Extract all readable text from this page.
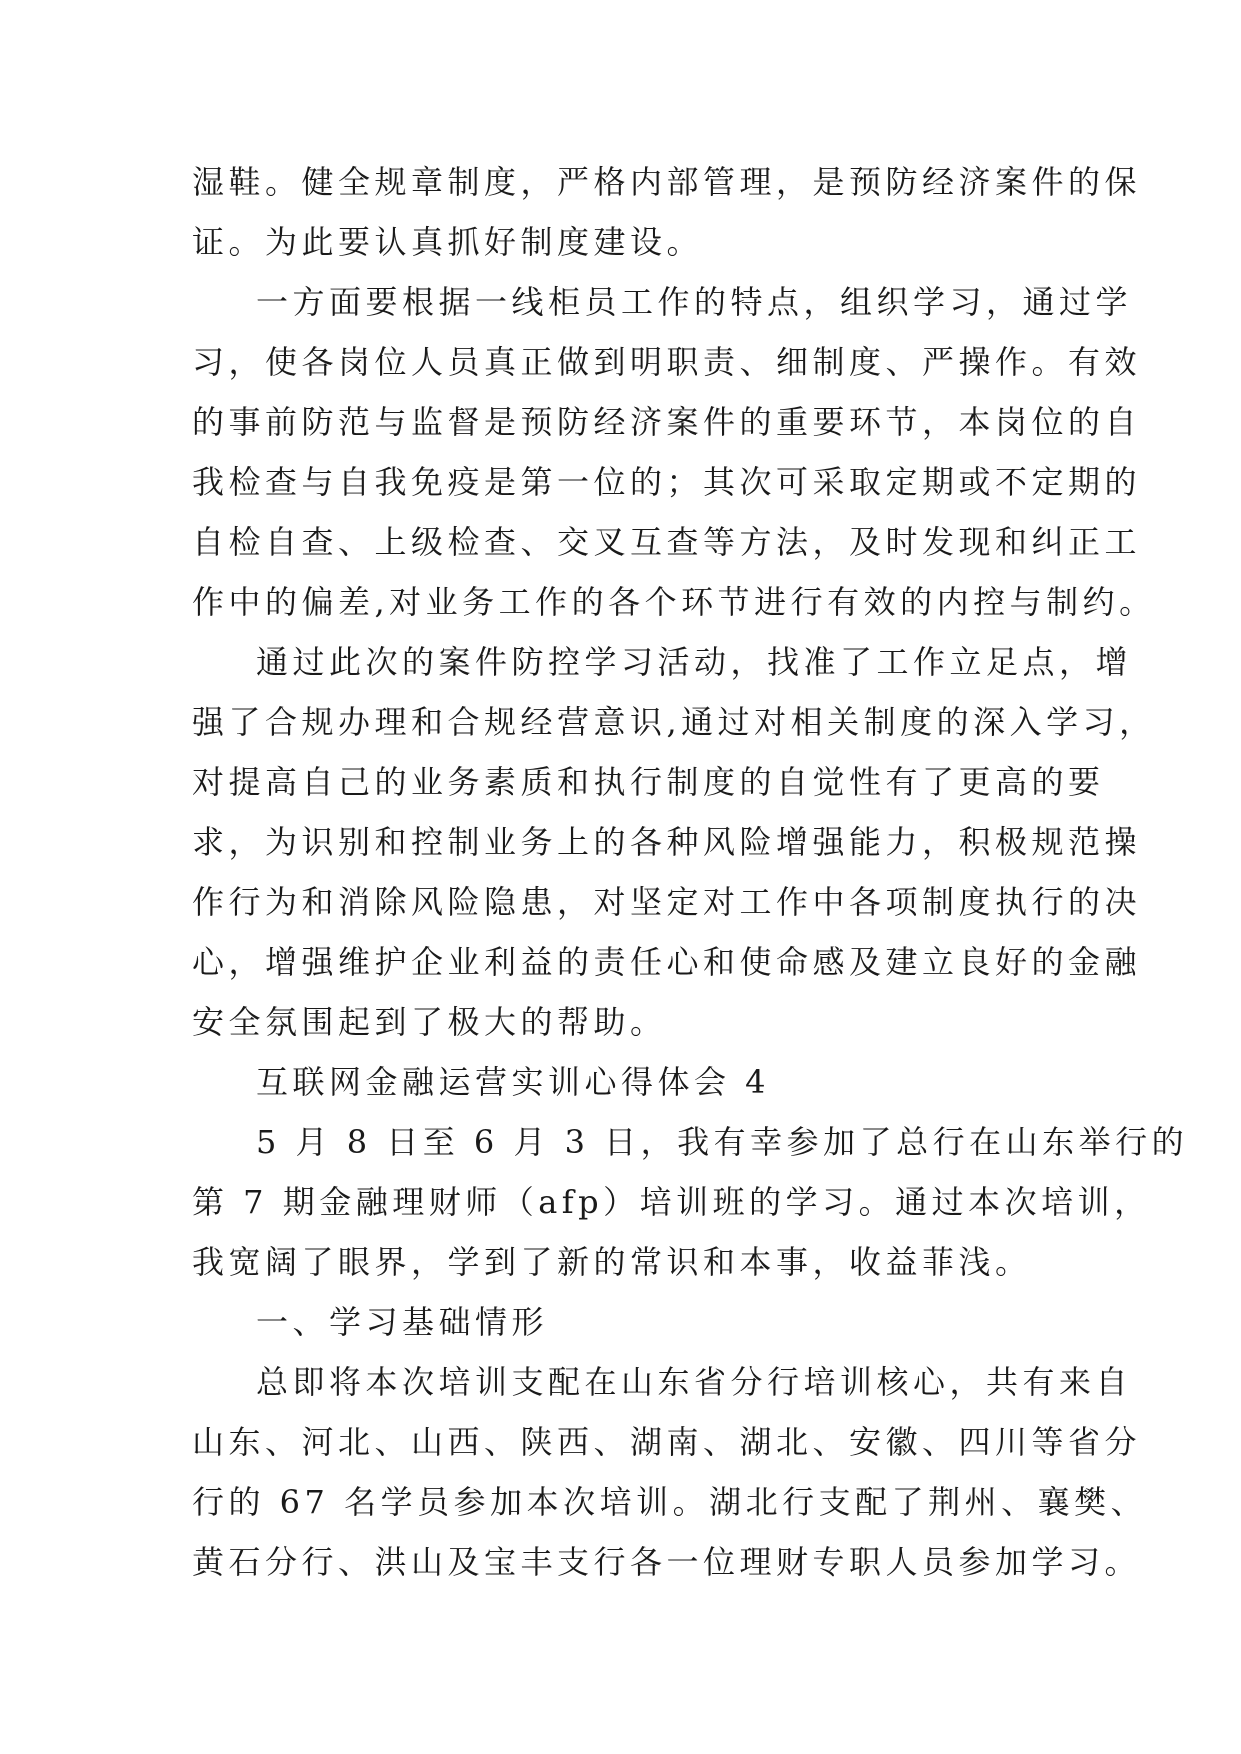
湿鞋。健全规章制度，严格内部管理，是预防经济案件的保
证。为此要认真抓好制度建设。
一方面要根据一线柜员工作的特点，组织学习，通过学
习，使各岗位人员真正做到明职责、细制度、严操作。有效
的事前防范与监督是预防经济案件的重要环节，本岗位的自
我检查与自我免疫是第一位的；其次可采取定期或不定期的
自检自查、上级检查、交叉互查等方法，及时发现和纠正工
作中的偏差,对业务工作的各个环节进行有效的内控与制约。
通过此次的案件防控学习活动，找准了工作立足点，增
强了合规办理和合规经营意识,通过对相关制度的深入学习，
对提高自己的业务素质和执行制度的自觉性有了更高的要
求，为识别和控制业务上的各种风险增强能力，积极规范操
作行为和消除风险隐患，对坚定对工作中各项制度执行的决
心，增强维护企业利益的责任心和使命感及建立良好的金融
安全氛围起到了极大的帮助。
互联网金融运营实训心得体会 4
5 月 8 日至 6 月 3 日，我有幸参加了总行在山东举行的
第 7 期金融理财师（afp）培训班的学习。通过本次培训，
我宽阔了眼界，学到了新的常识和本事，收益菲浅。
一、学习基础情形
总即将本次培训支配在山东省分行培训核心，共有来自
山东、河北、山西、陕西、湖南、湖北、安徽、四川等省分
行的 67 名学员参加本次培训。湖北行支配了荆州、襄樊、
黄石分行、洪山及宝丰支行各一位理财专职人员参加学习。
